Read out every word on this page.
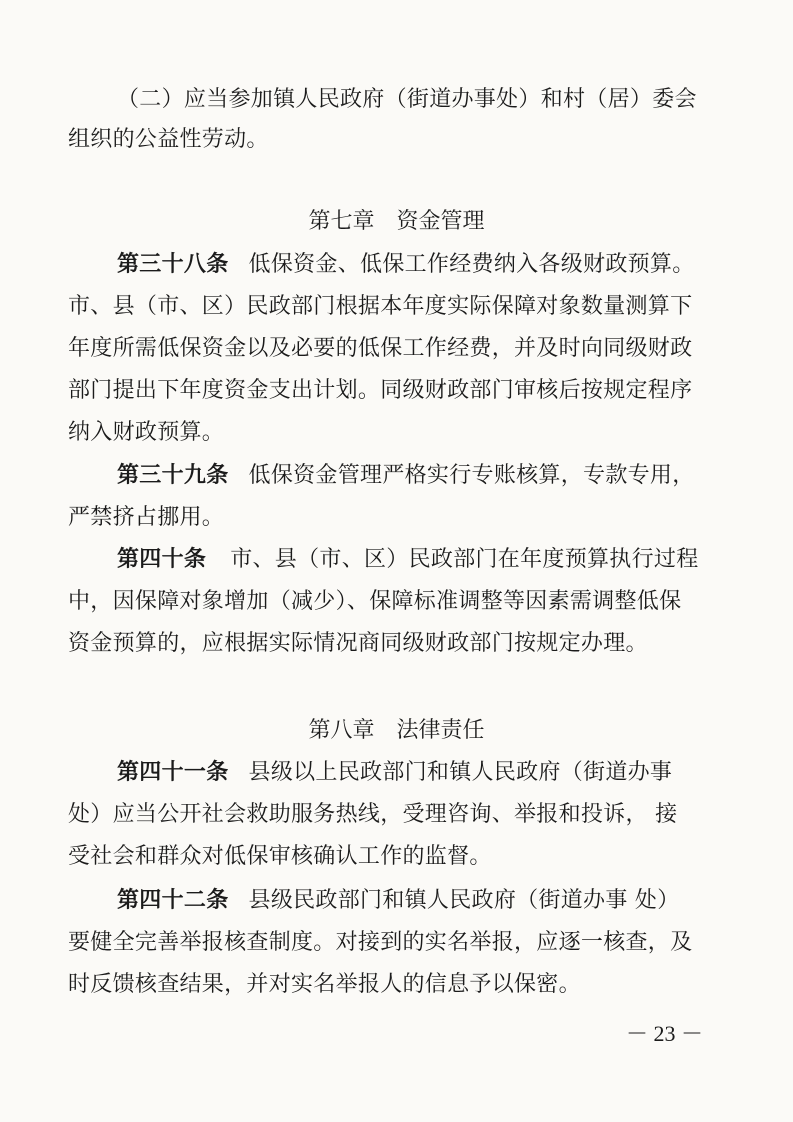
（二）应当参加镇人民政府（街道办事处）和村（居）委会
组织的公益性劳动。
第七章 资金管理
第三十八条 低保资金、低保工作经费纳入各级财政预算。
市、县（市、区）民政部门根据本年度实际保障对象数量测算下
年度所需低保资金以及必要的低保工作经费，并及时向同级财政
部门提出下年度资金支出计划。同级财政部门审核后按规定程序
纳入财政预算。
第三十九条 低保资金管理严格实行专账核算，专款专用，
严禁挤占挪用。
第四十条 市、县（市、区）民政部门在年度预算执行过程
中，因保障对象增加（减少）、保障标准调整等因素需调整低保
资金预算的，应根据实际情况商同级财政部门按规定办理。
第八章 法律责任
第四十一条 县级以上民政部门和镇人民政府（街道办事
处）应当公开社会救助服务热线，受理咨询、举报和投诉， 接
受社会和群众对低保审核确认工作的监督。
第四十二条 县级民政部门和镇人民政府（街道办事 处）
要健全完善举报核查制度。对接到的实名举报，应逐一核查，及
时反馈核查结果，并对实名举报人的信息予以保密。
－ 23 －
